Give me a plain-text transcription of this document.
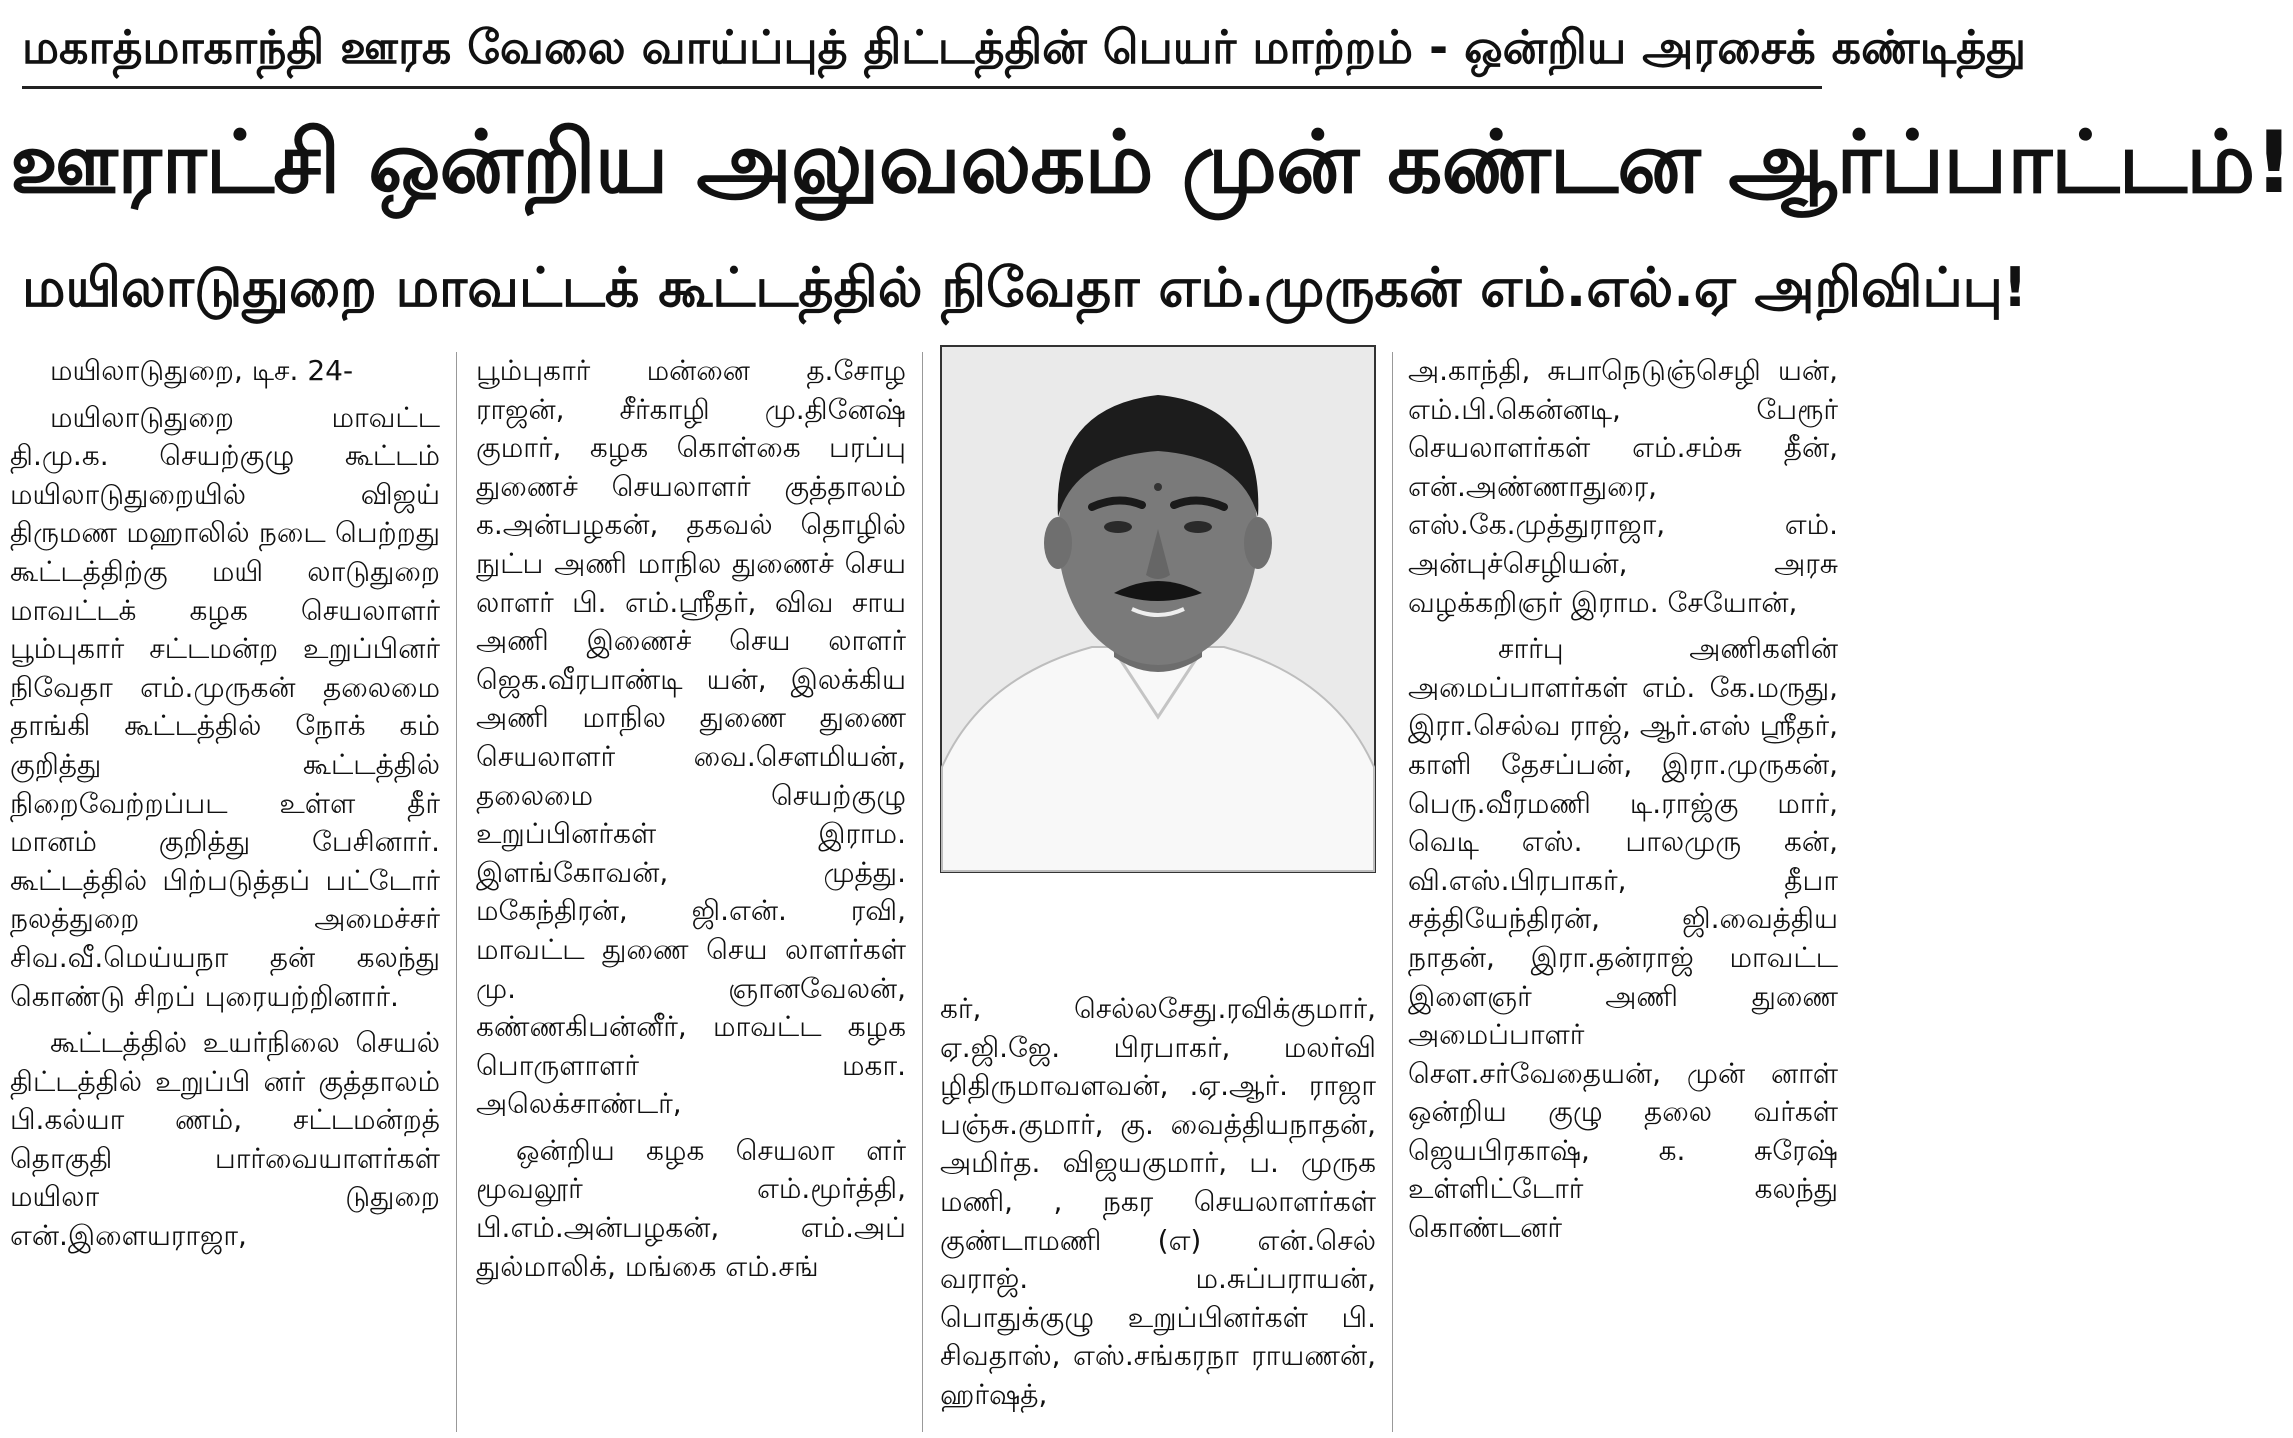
மகாத்மாகாந்தி ஊரக வேலை வாய்ப்புத் திட்டத்தின் பெயர் மாற்றம் - ஒன்றிய அரசைக் கண்டித்து
ஊராட்சி ஒன்றிய அலுவலகம் முன் கண்டன ஆர்ப்பாட்டம்!
மயிலாடுதுறை மாவட்டக் கூட்டத்தில் நிவேதா எம்.முருகன் எம்.எல்.ஏ அறிவிப்பு!

மயிலாடுதுறை, டிச. 24-

மயிலாடுதுறை மாவட்ட தி.மு.க. செயற்குழு கூட்டம் மயிலாடுதுறையில் விஜய் திருமண மஹாலில் நடை பெற்றது கூட்டத்திற்கு மயி லாடுதுறை மாவட்டக் கழக செயலாளர் பூம்புகார் சட்டமன்ற உறுப்பினர் நிவேதா எம்.முருகன் தலைமை தாங்கி கூட்டத்தில் நோக் கம் குறித்து கூட்டத்தில் நிறைவேற்றப்பட உள்ள தீர் மானம் குறித்து பேசினார். கூட்டத்தில் பிற்படுத்தப் பட்டோர் நலத்துறை அமைச்சர் சிவ.வீ.மெய்யநா தன் கலந்து கொண்டு சிறப் புரையற்றினார்.

கூட்டத்தில் உயர்நிலை செயல் திட்டத்தில் உறுப்பி னர் குத்தாலம் பி.கல்யா ணம், சட்டமன்றத் தொகுதி பார்வையாளர்கள் மயிலா டுதுறை என்.இளையராஜா,

பூம்புகார் மன்னை த.சோழ ராஜன், சீர்காழி மு.தினேஷ் குமார், கழக கொள்கை பரப்பு துணைச் செயலாளர் குத்தாலம் க.அன்பழகன், தகவல் தொழில் நுட்ப அணி மாநில துணைச் செய லாளர் பி. எம்.ஸ்ரீதர், விவ சாய அணி இணைச் செய லாளர் ஜெக.வீரபாண்டி யன், இலக்கிய அணி மாநில துணை துணை செயலாளர் வை.சௌமியன், தலைமை செயற்குழு உறுப்பினர்கள் இராம. இளங்கோவன், முத்து. மகேந்திரன், ஜி.என். ரவி, மாவட்ட துணை செய லாளர்கள் மு. ஞானவேலன், கண்ணகிபன்னீர், மாவட்ட கழக பொருளாளர் மகா. அலெக்சாண்டர்,

ஒன்றிய கழக செயலா ளர் மூவலூர் எம்.மூர்த்தி, பி.எம்.அன்பழகன், எம்.அப் துல்மாலிக், மங்கை எம்.சங்

கர், செல்லசேது.ரவிக்குமார், ஏ.ஜி.ஜே. பிரபாகர், மலர்வி ழிதிருமாவளவன், .ஏ.ஆர். ராஜா பஞ்சு.குமார், கு. வைத்தியநாதன், அமிர்த. விஜயகுமார், ப. முருக மணி, , நகர செயலாளர்கள் குண்டாமணி (எ) என்.செல் வராஜ். ம.சுப்பராயன், பொதுக்குழு உறுப்பினர்கள் பி. சிவதாஸ், எஸ்.சங்கரநா ராயணன், ஹர்ஷத்,

அ.காந்தி, சுபாநெடுஞ்செழி யன், எம்.பி.கென்னடி, பேரூர் செயலாளர்கள் எம்.சம்சு தீன், என்.அண்ணாதுரை, எஸ்.கே.முத்துராஜா, எம். அன்புச்செழியன், அரசு வழக்கறிஞர் இராம. சேயோன்,

சார்பு அணிகளின் அமைப்பாளர்கள் எம். கே.மருது, இரா.செல்வ ராஜ், ஆர்.எஸ் ஸ்ரீதர், காளி தேசப்பன், இரா.முருகன், பெரு.வீரமணி டி.ராஜ்கு மார், வெடி எஸ். பாலமுரு கன், வி.எஸ்.பிரபாகர், தீபா சத்தியேந்திரன், ஜி.வைத்திய நாதன், இரா.தன்ராஜ் மாவட்ட இளைஞர் அணி துணை அமைப்பாளர் சௌ.சர்வேதையன், முன் னாள் ஒன்றிய குழு தலை வர்கள் ஜெயபிரகாஷ், க. சுரேஷ் உள்ளிட்டோர் கலந்து கொண்டனர்
